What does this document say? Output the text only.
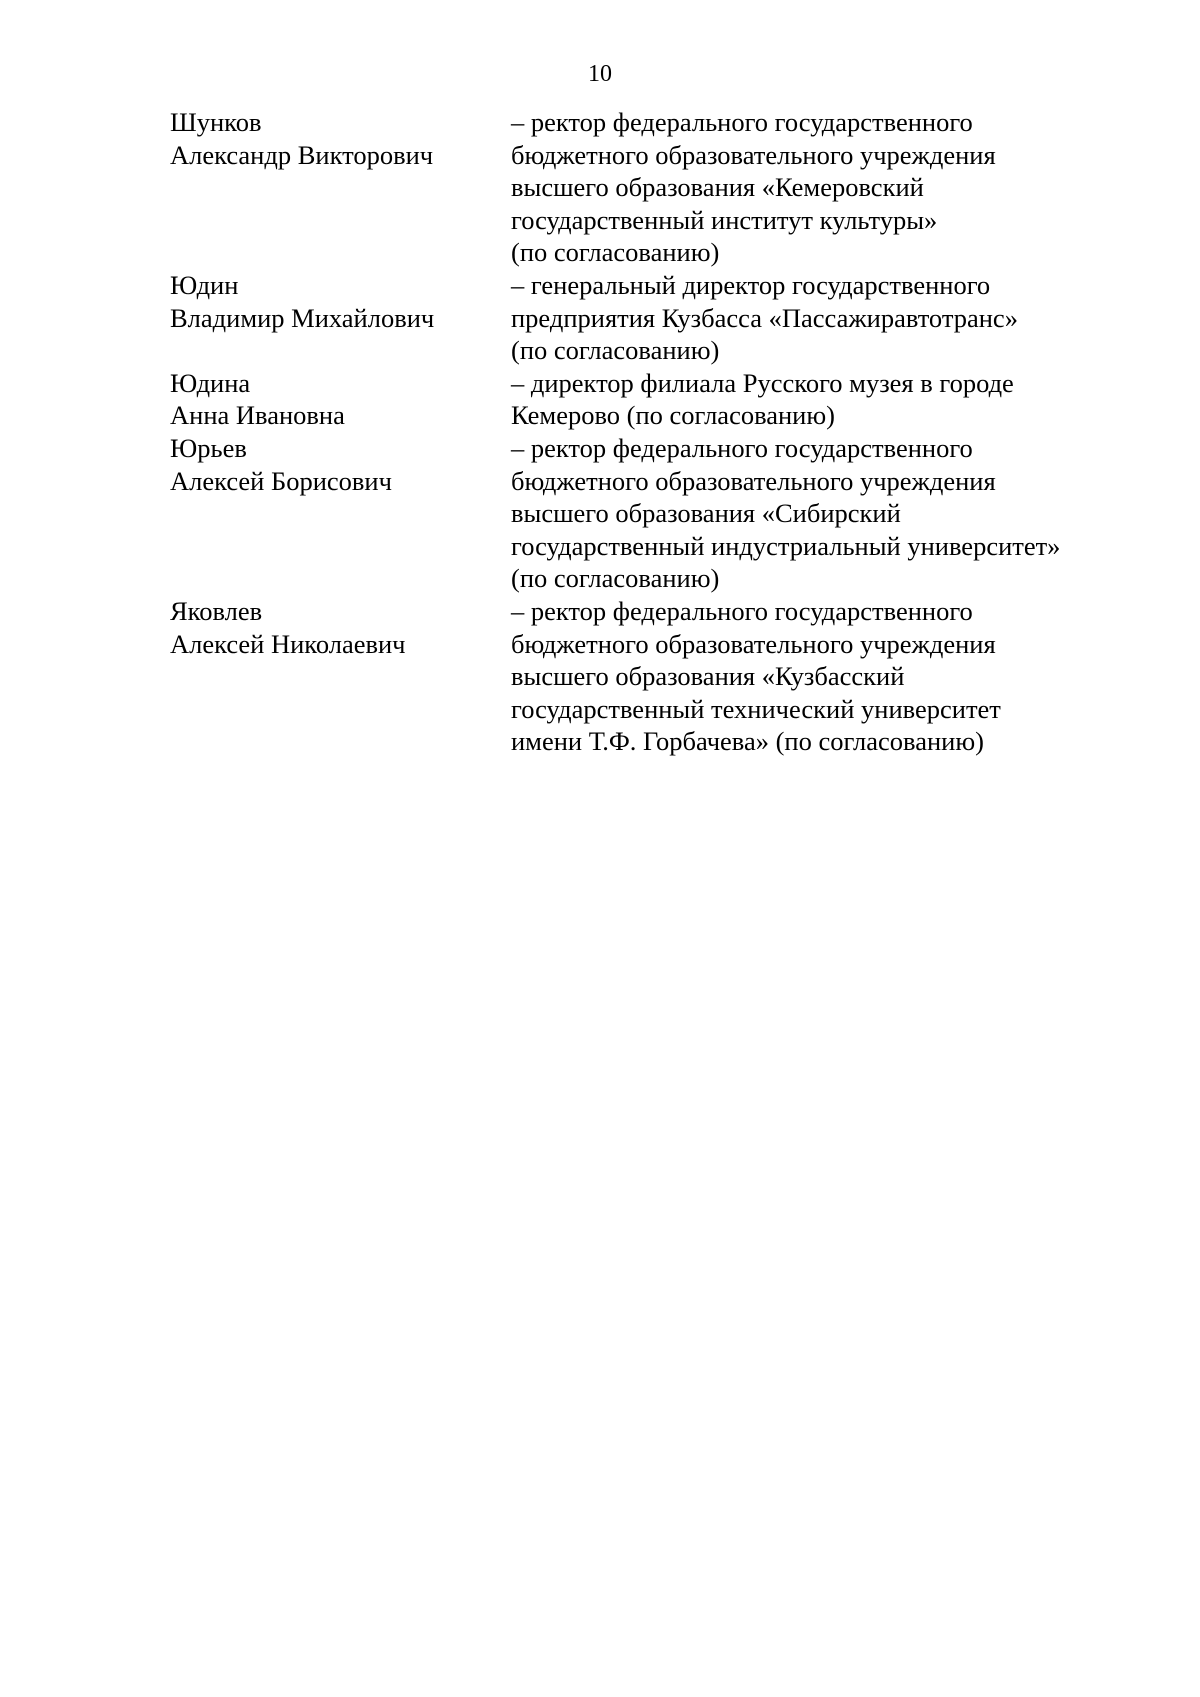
10
Шунков
Александр Викторович
– ректор федерального государственного
бюджетного образовательного учреждения
высшего образования «Кемеровский
государственный институт культуры»
(по согласованию)
Юдин
Владимир Михайлович
– генеральный директор государственного
предприятия Кузбасса «Пассажиравтотранс»
(по согласованию)
Юдина
Анна Ивановна
– директор филиала Русского музея в городе
Кемерово (по согласованию)
Юрьев
Алексей Борисович
– ректор федерального государственного
бюджетного образовательного учреждения
высшего образования «Сибирский
государственный индустриальный университет»
(по согласованию)
Яковлев
Алексей Николаевич
– ректор федерального государственного
бюджетного образовательного учреждения
высшего образования «Кузбасский
государственный технический университет
имени Т.Ф. Горбачева» (по согласованию)
